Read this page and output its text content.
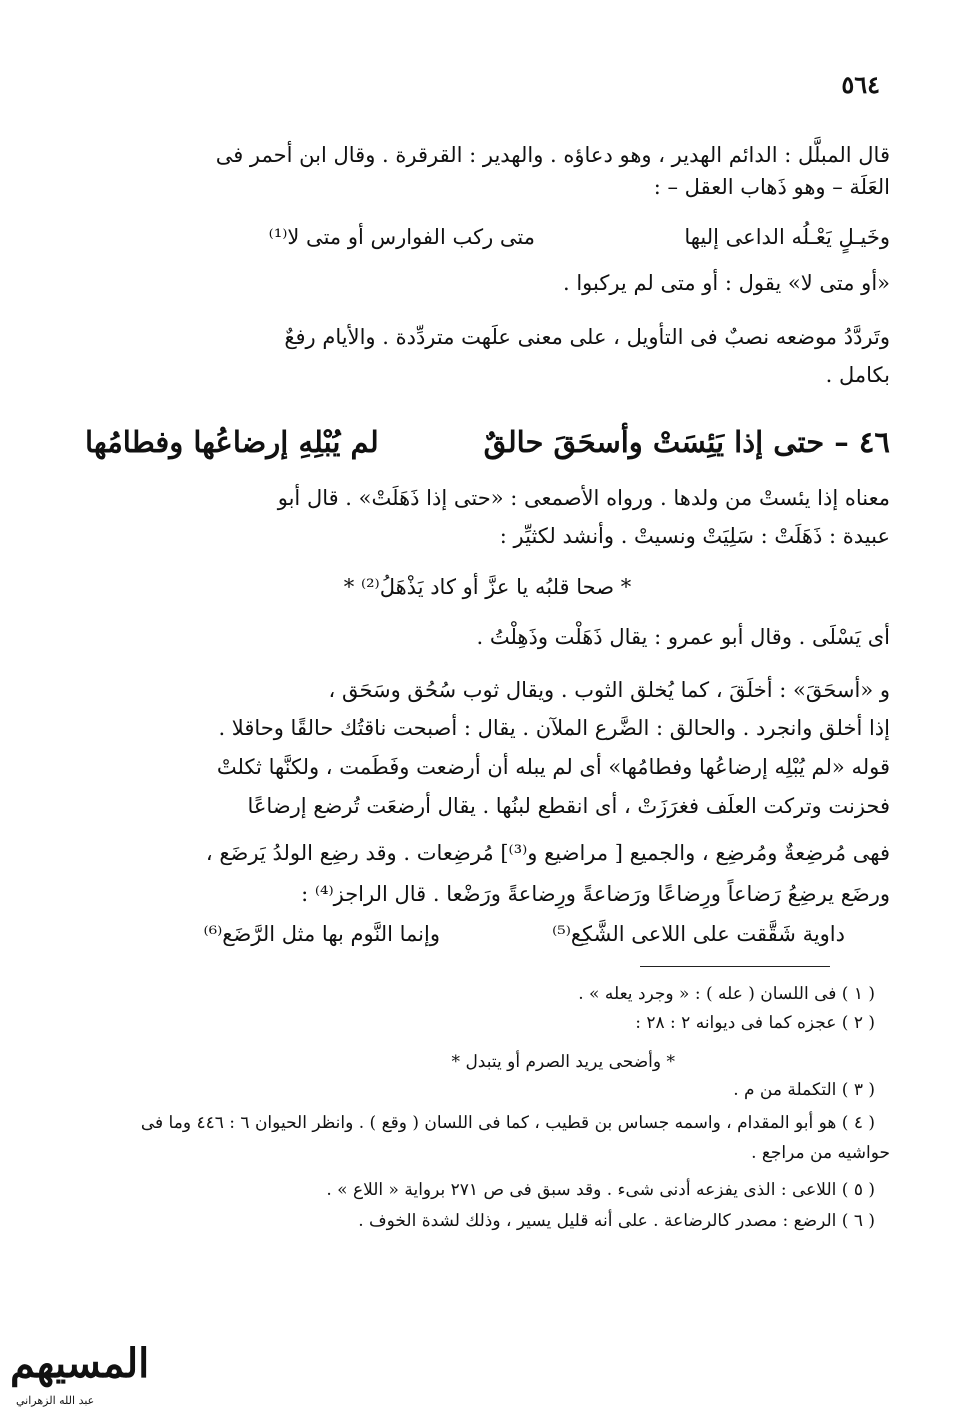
٥٦٤
قال المبلَّل : الدائم الهدير ، وهو دعاؤه . والهدير : القرقرة . وقال ابن أحمر فى
العَلَة – وهو ذَهاب العقل – :
وخَيـلٍ يَعْـلُه الداعى إليها
متى ركب الفوارس أو متى لا⁽¹⁾
«أو متى لا» يقول : أو متى لم يركبوا .
وتَردَّدُ موضعه نصبٌ فى التأويل ، على معنى علَهت متردِّدة . والأيام رفعٌ
بكامل .
٤٦ – حتى إذا يَئِسَتْ وأسحَقَ حالقٌ
لم يُبْلِهِ إرضاعُها وفطامُها
معناه إذا يئستْ من ولدها . ورواه الأصمعى : «حتى إذا ذَهَلَتْ» . قال أبو
عبيدة : ذَهَلَتْ : سَلِيَتْ ونسيتْ . وأنشد لكثيِّر :
* صحا قلبُه يا عزَّ أو كاد يَذْهَلُ⁽²⁾ *
أى يَسْلَى . وقال أبو عمرو : يقال ذَهَلْت وذَهِلْتُ .
و «أسحَقَ» : أخلَقَ ، كما يُخلق الثوب . ويقال ثوب سُحُق وسَحَق ،
إذا أخلق وانجرد . والحالق : الضَّرع الملآن . يقال : أصبحت ناقتُك حالقًا وحاقلا .
قوله «لم يُبْلِه إرضاعُها وفطامُها» أى لم يبله أن أرضعت وفَطَمت ، ولكنَّها ثكلتْ
فحزنت وتركت العلَف فغرَزَتْ ، أى انقطع لبنُها . يقال أرضعَت تُرضع إرضاعًا
فهى مُرضِعةٌ ومُرضِع ، والجميع [ مراضيع و⁽³⁾] مُرضِعات . وقد رضِع الولدُ يَرضَع ،
ورضَع يرضِعُ رَضاعاً ورِضاعًا ورَضاعةً ورِضاعةً ورَضْعا . قال الراجز⁽⁴⁾ :
داوية شَقَّقت على اللاعى الشَّكِع⁽⁵⁾
وإنما النَّوم بها مثل الرَّضَع⁽⁶⁾
( ١ ) فى اللسان ( عله ) : « وجرد يعله » .
( ٢ ) عجزه كما فى ديوانه ٢ : ٢٨ :
* وأضحى يريد الصرم أو يتبدل *
( ٣ ) التكملة من م .
( ٤ ) هو أبو المقدام ، واسمه جساس بن قطيب ، كما فى اللسان ( وقع ) . وانظر الحيوان ٦ : ٤٤٦ وما فى
حواشيه من مراجع .
( ٥ ) اللاعى : الذى يفزعه أدنى شىء . وقد سبق فى ص ٢٧١ برواية « اللاع » .
( ٦ ) الرضع : مصدر كالرضاعة . على أنه قليل يسير ، وذلك لشدة الخوف .
المسيهم
عبد الله الزهراني
